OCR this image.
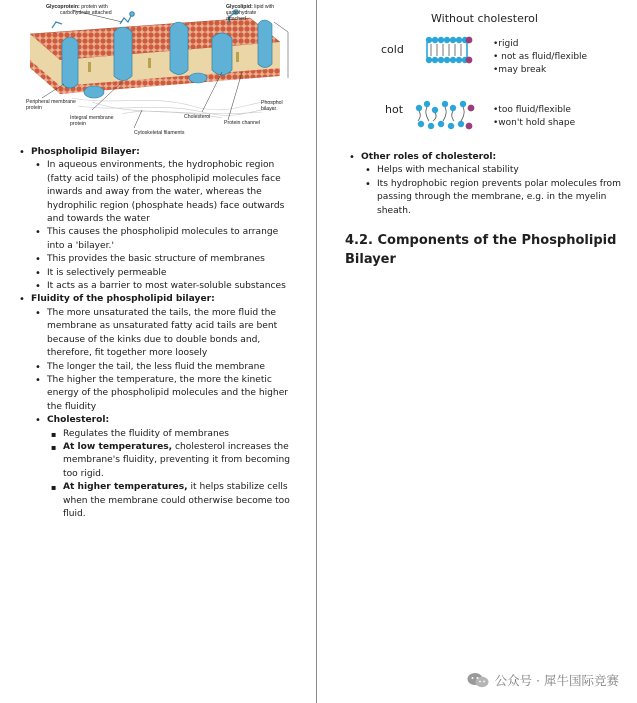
Glycoprotein: protein with
carbohydrate attached
Glycolipid: lipid with
carbohydrate
attached
Peripheral membrane
protein
Integral membrane
protein
Cytoskeletal filaments
Cholesterol
Protein channel
Phosphol
bilayer
• Phospholipid Bilayer:
• In aqueous environments, the hydrophobic region (fatty acid tails) of the phospholipid molecules face inwards and away from the water, whereas the hydrophilic region (phosphate heads) face outwards and towards the water
• This causes the phospholipid molecules to arrange into a 'bilayer.'
• This provides the basic structure of membranes
• It is selectively permeable
• It acts as a barrier to most water-soluble substances
• Fluidity of the phospholipid bilayer:
• The more unsaturated the tails, the more fluid the membrane as unsaturated fatty acid tails are bent because of the kinks due to double bonds and, therefore, fit together more loosely
• The longer the tail, the less fluid the membrane
• The higher the temperature, the more the kinetic energy of the phospholipid molecules and the higher the fluidity
• Cholesterol:
▪ Regulates the fluidity of membranes
▪ At low temperatures, cholesterol increases the membrane's fluidity, preventing it from becoming too rigid.
▪ At higher temperatures, it helps stabilize cells when the membrane could otherwise become too fluid.
Without cholesterol
cold	•rigid
• not as fluid/flexible
•may break
hot	•too fluid/flexible
•won't hold shape
• Other roles of cholesterol:
• Helps with mechanical stability
• Its hydrophobic region prevents polar molecules from passing through the membrane, e.g. in the myelin sheath.
4.2. Components of the Phospholipid Bilayer
公众号 · 犀牛国际竞赛
